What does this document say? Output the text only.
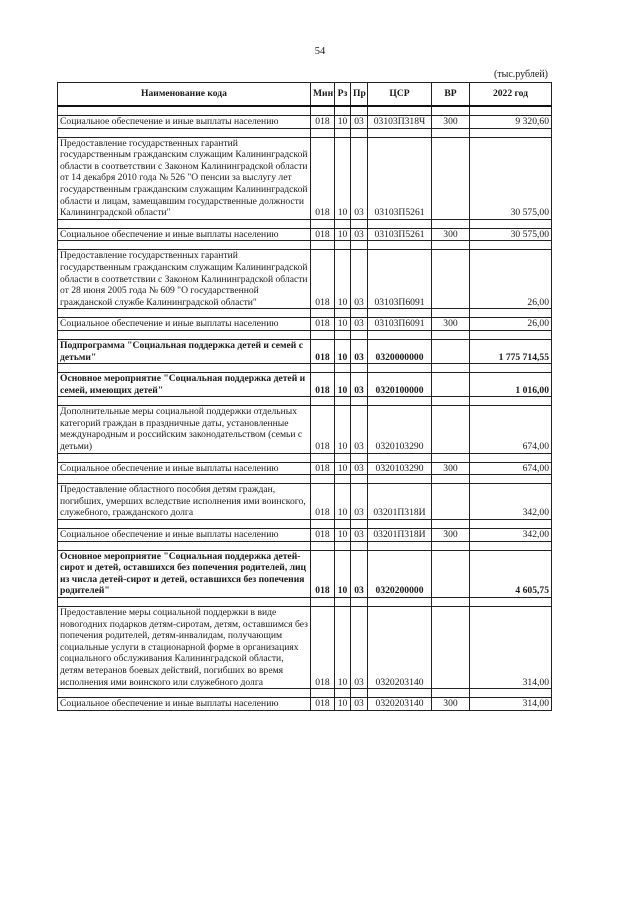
54
(тыс.рублей)
Наименование кода	Мин	Рз	Пр	ЦСР	ВР	2022 год

Социальное обеспечение и иные выплаты населению	018	10	03	03103П318Ч	300	9 320,60

Предоставление государственных гарантий государственным гражданским служащим Калининградской области в соответствии с Законом Калининградской области от 14 декабря 2010 года № 526 "О пенсии за выслугу лет государственным гражданским служащим Калининградской области и лицам, замещавшим государственные должности Калининградской области"	018	10	03	03103П5261		30 575,00

Социальное обеспечение и иные выплаты населению	018	10	03	03103П5261	300	30 575,00

Предоставление государственных гарантий государственным гражданским служащим Калининградской области в соответствии с Законом Калининградской области от 28 июня 2005 года № 609 "О государственной гражданской службе Калининградской области"	018	10	03	03103П6091		26,00

Социальное обеспечение и иные выплаты населению	018	10	03	03103П6091	300	26,00

Подпрограмма "Социальная поддержка детей и семей с детьми"	018	10	03	0320000000		1 775 714,55

Основное мероприятие "Социальная поддержка детей и семей, имеющих детей"	018	10	03	0320100000		1 016,00

Дополнительные меры социальной поддержки отдельных категорий граждан в праздничные даты, установленные международным и российским законодательством (семьи с детьми)	018	10	03	0320103290		674,00

Социальное обеспечение и иные выплаты населению	018	10	03	0320103290	300	674,00

Предоставление областного пособия детям граждан, погибших, умерших вследствие исполнения ими воинского, служебного, гражданского долга	018	10	03	03201П318И		342,00

Социальное обеспечение и иные выплаты населению	018	10	03	03201П318И	300	342,00

Основное мероприятие "Социальная поддержка детей-сирот и детей, оставшихся без попечения родителей, лиц из числа детей-сирот и детей, оставшихся без попечения родителей"	018	10	03	0320200000		4 605,75

Предоставление меры социальной поддержки в виде новогодних подарков детям-сиротам, детям, оставшимся без попечения родителей, детям-инвалидам, получающим социальные услуги в стационарной форме в организациях социального обслуживания Калининградской области, детям ветеранов боевых действий, погибших во время исполнения ими воинского или служебного долга	018	10	03	0320203140		314,00

Социальное обеспечение и иные выплаты населению	018	10	03	0320203140	300	314,00
